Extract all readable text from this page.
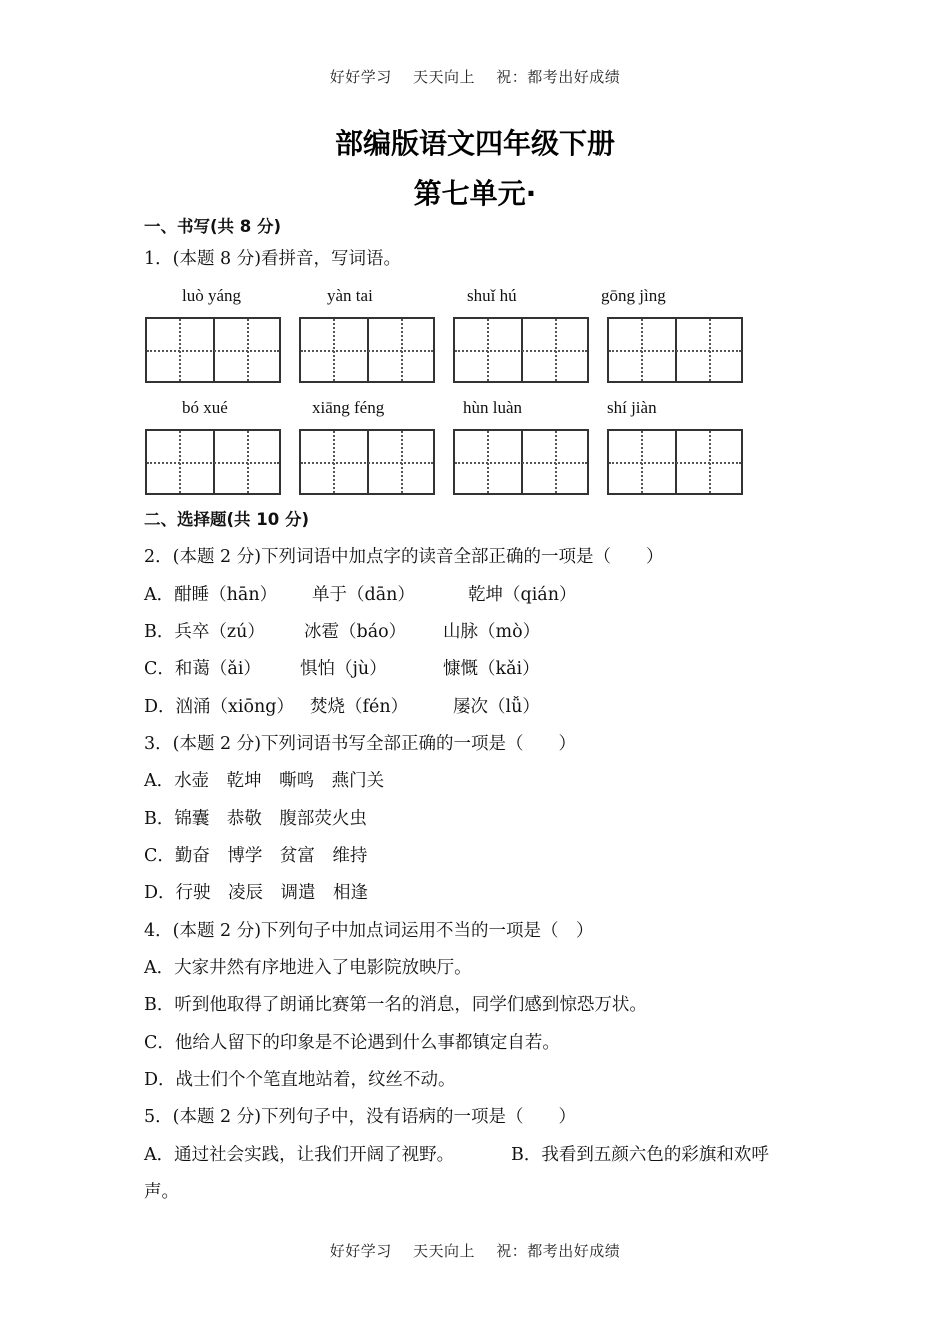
好好学习 天天向上 祝：都考出好成绩
部编版语文四年级下册
第七单元·
一、书写(共 8 分)
1．(本题 8 分)看拼音，写词语。
luò yáng	yàn tai	shuǐ hú	gōng jìng
bó xué	xiāng féng	hùn luàn	shí jiàn
二、选择题(共 10 分)
2．(本题 2 分)下列词语中加点字的读音全部正确的一项是（　　）
A．酣睡（hān） 单于（dān）	乾坤（qián）
B．兵卒（zú） 冰雹（báo） 山脉（mò）
C．和蔼（ǎi） 惧怕（jù）	慷慨（kǎi）
D．汹涌（xiōng） 焚烧（fén）	屡次（lǚ）
3．(本题 2 分)下列词语书写全部正确的一项是（　　）
A．水壶　乾坤　嘶鸣　燕门关
B．锦囊　恭敬　腹部荧火虫
C．勤奋　博学　贫富　维持
D．行驶　凌辰　调遣　相逢
4．(本题 2 分)下列句子中加点词运用不当的一项是（　）
A．大家井然有序地进入了电影院放映厅。
B．听到他取得了朗诵比赛第一名的消息，同学们感到惊恐万状。
C．他给人留下的印象是不论遇到什么事都镇定自若。
D．战士们个个笔直地站着，纹丝不动。
5．(本题 2 分)下列句子中，没有语病的一项是（　　）
A．通过社会实践，让我们开阔了视野。	B．我看到五颜六色的彩旗和欢呼
声。
好好学习 天天向上 祝：都考出好成绩
